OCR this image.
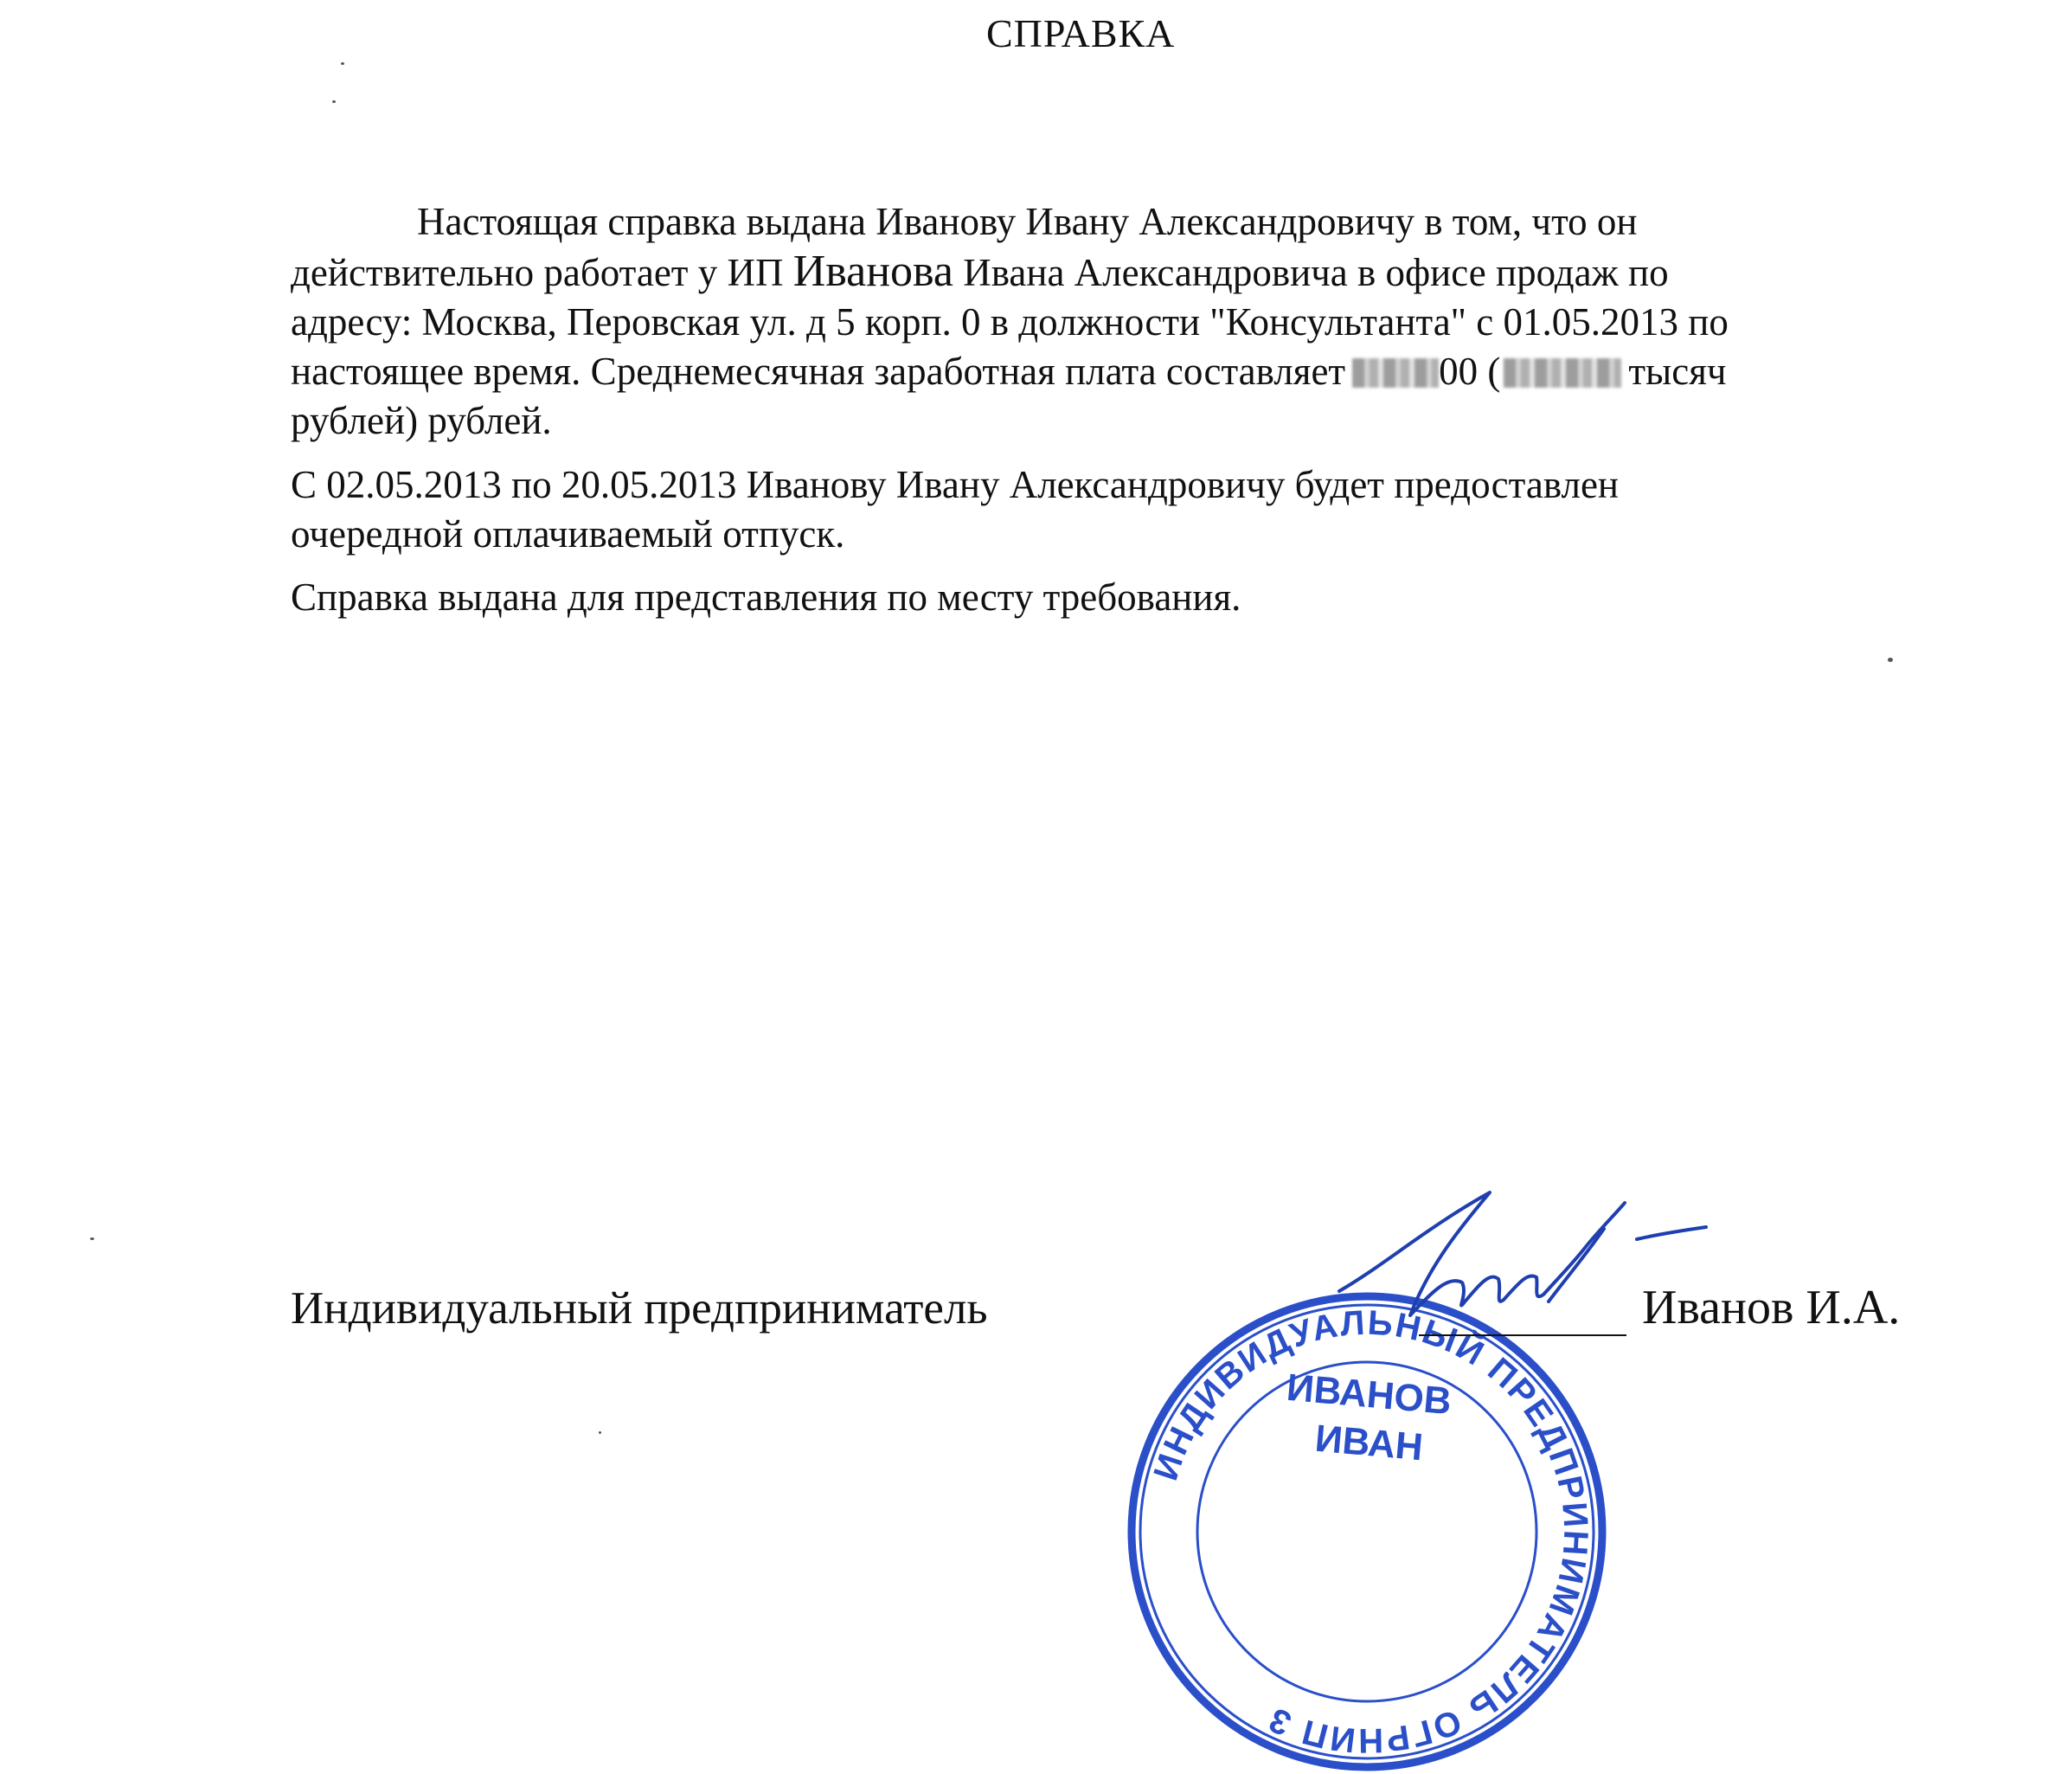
СПРАВКА
Настоящая справка выдана Иванову Ивану Александровичу в том, что он
действительно работает у ИП Иванова Ивана Александровича в офисе продаж по
адресу: Москва, Перовская ул. д 5 корп. 0 в должности "Консультанта" с 01.05.2013 по
настоящее время. Среднемесячная заработная плата составляет 00 (	тысяч
рублей) рублей.
С 02.05.2013 по 20.05.2013 Иванову Ивану Александровичу будет предоставлен
очередной оплачиваемый отпуск.
Справка выдана для представления по месту требования.
ИНДИВИДУАЛЬНЫЙ ПРЕДПРИНИМАТЕЛЬ ОГРНИП 3
ИВАНОВ
ИВАН
Индивидуальный предприниматель	Иванов И.А.
